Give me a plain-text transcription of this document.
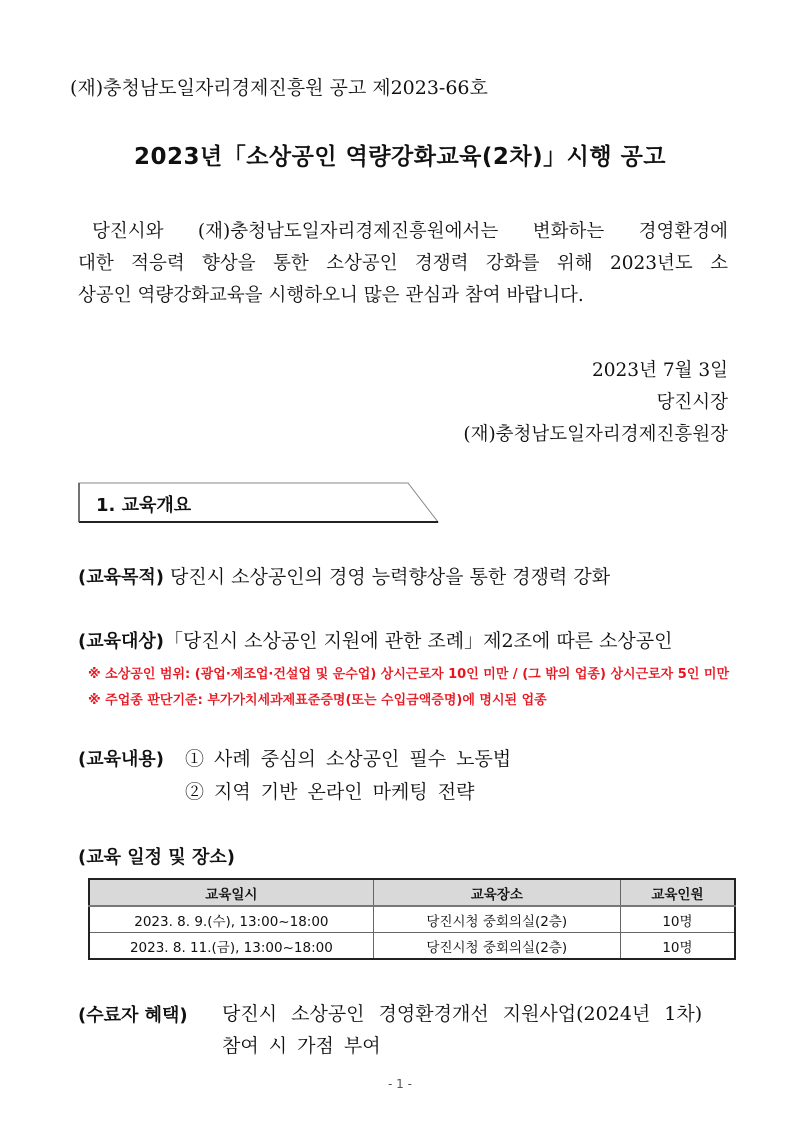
(재)충청남도일자리경제진흥원 공고 제2023-66호
2023년「소상공인 역량강화교육(2차)」시행 공고
당진시와 (재)충청남도일자리경제진흥원에서는 변화하는 경영환경에
대한 적응력 향상을 통한 소상공인 경쟁력 강화를 위해 2023년도 소
상공인 역량강화교육을 시행하오니 많은 관심과 참여 바랍니다.
2023년 7월 3일
당진시장
(재)충청남도일자리경제진흥원장
1. 교육개요
(교육목적) 당진시 소상공인의 경영 능력향상을 통한 경쟁력 강화
(교육대상)「당진시 소상공인 지원에 관한 조례」제2조에 따른 소상공인
※ 소상공인 범위: (광업·제조업·건설업 및 운수업) 상시근로자 10인 미만 / (그 밖의 업종) 상시근로자 5인 미만
※ 주업종 판단기준: 부가가치세과제표준증명(또는 수입금액증명)에 명시된 업종
(교육내용) ① 사례 중심의 소상공인 필수 노동법
② 지역 기반 온라인 마케팅 전략
(교육 일정 및 장소)
교육일시	교육장소	교육인원
2023. 8. 9.(수), 13:00~18:00	당진시청 중회의실(2층)	10명
2023. 8. 11.(금), 13:00~18:00	당진시청 중회의실(2층)	10명
(수료자 혜택) 당진시 소상공인 경영환경개선 지원사업(2024년 1차)
참여 시 가점 부여
- 1 -
